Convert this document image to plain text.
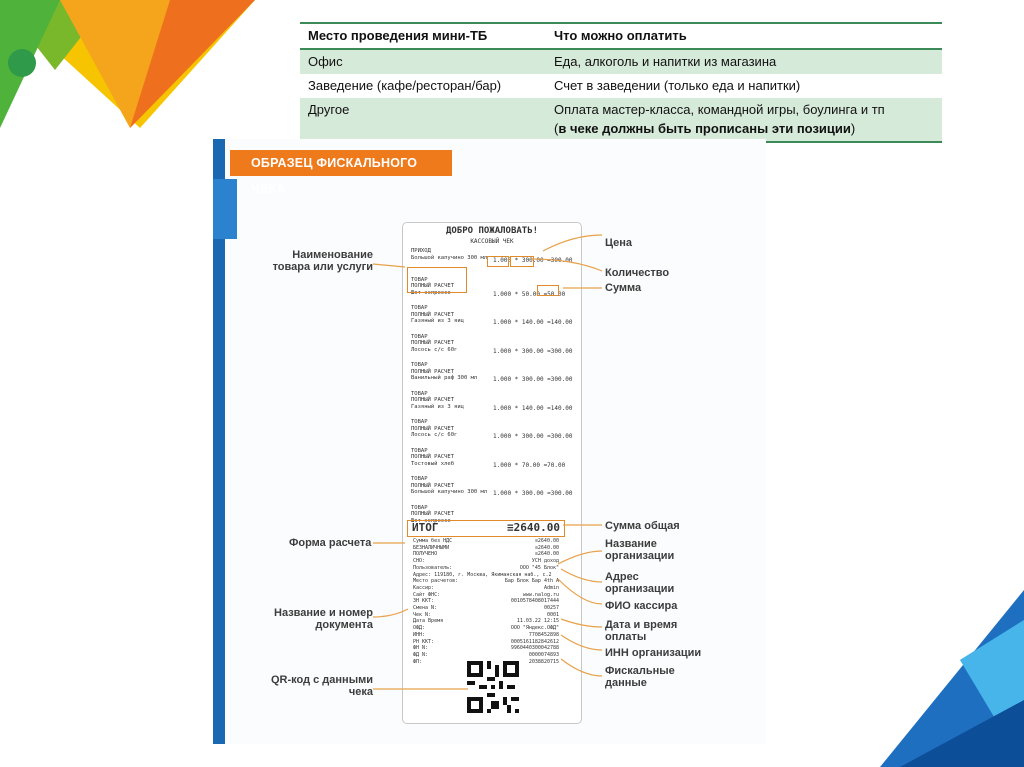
Место проведения мини-ТБ	Что можно оплатить
Офис	Еда, алкоголь и напитки из магазина
Заведение (кафе/ресторан/бар)	Счет в заведении (только еда и напитки)
Другое	Оплата мастер-класса, командной игры, боулинга и тп
(в чеке должны быть прописаны эти позиции)
ОБРАЗЕЦ ФИСКАЛЬНОГО ЧЕКА
ДОБРО ПОЖАЛОВАТЬ!
КАССОВЫЙ ЧЕК
ПРИХОД
Большой капучино 300 мл 1.000 * 300.00 =300.00
ТОВАР
ПОЛНЫЙ РАСЧЕТ
Шот эспрессо	1.000 * 50.00 =50.00
ТОВАР
ПОЛНЫЙ РАСЧЕТ
Газяный из 3 яиц	1.000 * 140.00 =140.00
ТОВАР
ПОЛНЫЙ РАСЧЕТ
Лосось с/с 60г	1.000 * 300.00 =300.00
ТОВАР
ПОЛНЫЙ РАСЧЕТ
Ванильный раф 300 мл	1.000 * 300.00 =300.00
ТОВАР
ПОЛНЫЙ РАСЧЕТ
Газяный из 3 яиц	1.000 * 140.00 =140.00
ТОВАР
ПОЛНЫЙ РАСЧЕТ
Лосось с/с 60г	1.000 * 300.00 =300.00
ТОВАР
ПОЛНЫЙ РАСЧЕТ
Тостовый хлеб	1.000 * 70.00 =70.00
ТОВАР
ПОЛНЫЙ РАСЧЕТ
Большой капучино 300 мл 1.000 * 300.00 =300.00
ТОВАР
ПОЛНЫЙ РАСЧЕТ
Шот эспрессо
ИТОГ	≡2640.00
Сумма без НДС	≡2640.00
БЕЗНАЛИЧНЫМИ	≡2640.00
ПОЛУЧЕНО	≡2640.00
СНО:	УСН доход
Пользователь:	ООО "45 Блок"
Адрес: 119180, г. Москва, Якиманская наб., с.2
Место расчетов:	Бар Блок Бар 4th A
Кассир:	Admin
Сайт ФНС:	www.nalog.ru
ЗН ККТ:	0010578408017444
Смена N:	00257
Чек N:	0001
Дата Время	11.03.22 12:15
ОФД:	ООО "Яндекс.ОФД"
ИНН:	7708452898
РН ККТ:	0005161182842612
ФН N:	9960440300042788
ФД N:	0000074893
ФП:	2038820715
Наименование
товара или услуги
Форма расчета
Название и номер
документа
QR-код с данными
чека
Цена
Количество
Сумма
Сумма общая
Название
организации
Адрес
организации
ФИО кассира
Дата и время
оплаты
ИНН организации
Фискальные
данные
